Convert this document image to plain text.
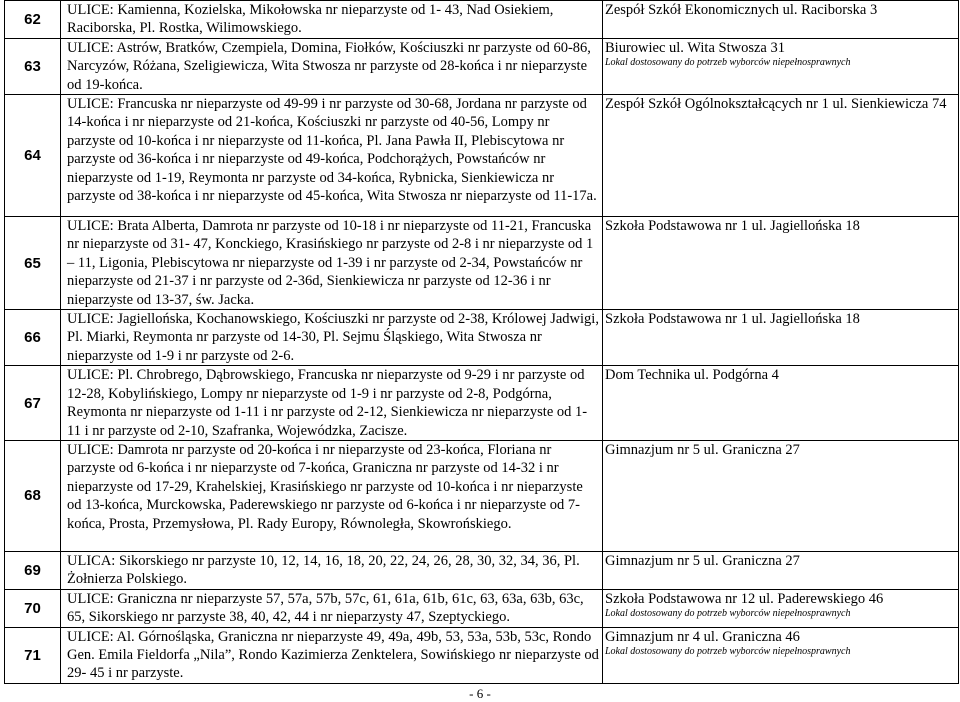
62	ULICE: Kamienna, Kozielska, Mikołowska nr nieparzyste od 1- 43, Nad Osiekiem, Raciborska, Pl. Rostka, Wilimowskiego.	Zespół Szkół Ekonomicznych ul. Raciborska 3

63	ULICE: Astrów, Bratków, Czempiela, Domina, Fiołków, Kościuszki nr parzyste od 60-86, Narcyzów, Różana, Szeligiewicza, Wita Stwosza nr parzyste od 28-końca i nr nieparzyste od 19-końca.	Biurowiec ul. Wita Stwosza 31
Lokal dostosowany do potrzeb wyborców niepełnosprawnych

64	ULICE: Francuska nr nieparzyste od 49-99 i nr parzyste od 30-68, Jordana nr parzyste od 14-końca i nr nieparzyste od 21-końca, Kościuszki nr parzyste od 40-56, Lompy nr parzyste od 10-końca i nr nieparzyste od 11-końca, Pl. Jana Pawła II, Plebiscytowa nr parzyste od 36-końca i nr nieparzyste od 49-końca, Podchorążych, Powstańców nr nieparzyste od 1-19, Reymonta nr parzyste od 34-końca, Rybnicka, Sienkiewicza nr parzyste od 38-końca i nr nieparzyste od 45-końca, Wita Stwosza nr nieparzyste od 11-17a.	Zespół Szkół Ogólnokształcących nr 1 ul. Sienkiewicza 74

65	ULICE: Brata Alberta, Damrota nr parzyste od 10-18 i nr nieparzyste od 11-21, Francuska nr nieparzyste od 31- 47, Konckiego, Krasińskiego nr parzyste od 2-8 i nr nieparzyste od 1 – 11, Ligonia, Plebiscytowa nr nieparzyste od 1-39 i nr parzyste od 2-34, Powstańców nr nieparzyste od 21-37 i nr parzyste od 2-36d, Sienkiewicza nr parzyste od 12-36 i nr nieparzyste od 13-37, św. Jacka.	Szkoła Podstawowa nr 1 ul. Jagiellońska 18

66	ULICE: Jagiellońska, Kochanowskiego, Kościuszki nr parzyste od 2-38, Królowej Jadwigi, Pl. Miarki, Reymonta nr parzyste od 14-30, Pl. Sejmu Śląskiego, Wita Stwosza nr nieparzyste od 1-9 i nr parzyste od 2-6.	Szkoła Podstawowa nr 1 ul. Jagiellońska 18

67	ULICE: Pl. Chrobrego, Dąbrowskiego, Francuska nr nieparzyste od 9-29 i nr parzyste od 12-28, Kobylińskiego, Lompy nr nieparzyste od 1-9 i nr parzyste od 2-8, Podgórna, Reymonta nr nieparzyste od 1-11 i nr parzyste od 2-12, Sienkiewicza nr nieparzyste od 1-11 i nr parzyste od 2-10, Szafranka, Wojewódzka, Zacisze.	Dom Technika ul. Podgórna 4

68	ULICE: Damrota nr parzyste od 20-końca i nr nieparzyste od 23-końca, Floriana nr parzyste od 6-końca i nr nieparzyste od 7-końca, Graniczna nr parzyste od 14-32 i nr nieparzyste od 17-29, Krahelskiej, Krasińskiego nr parzyste od 10-końca i nr nieparzyste od 13-końca, Murckowska, Paderewskiego nr parzyste od 6-końca i nr nieparzyste od 7-końca, Prosta, Przemysłowa, Pl. Rady Europy, Równoległa, Skowrońskiego.	Gimnazjum nr 5 ul. Graniczna 27

69	ULICA: Sikorskiego nr parzyste 10, 12, 14, 16, 18, 20, 22, 24, 26, 28, 30, 32, 34, 36, Pl. Żołnierza Polskiego.	Gimnazjum nr 5 ul. Graniczna 27

70	ULICE: Graniczna nr nieparzyste 57, 57a, 57b, 57c, 61, 61a, 61b, 61c, 63, 63a, 63b, 63c, 65, Sikorskiego nr parzyste 38, 40, 42, 44 i nr nieparzysty 47, Szeptyckiego.	Szkoła Podstawowa nr 12 ul. Paderewskiego 46
Lokal dostosowany do potrzeb wyborców niepełnosprawnych

71	ULICE: Al. Górnośląska, Graniczna nr nieparzyste 49, 49a, 49b, 53, 53a, 53b, 53c, Rondo Gen. Emila Fieldorfa „Nila”, Rondo Kazimierza Zenktelera, Sowińskiego nr nieparzyste od 29- 45 i nr parzyste.	Gimnazjum nr 4 ul. Graniczna 46
Lokal dostosowany do potrzeb wyborców niepełnosprawnych
- 6 -
